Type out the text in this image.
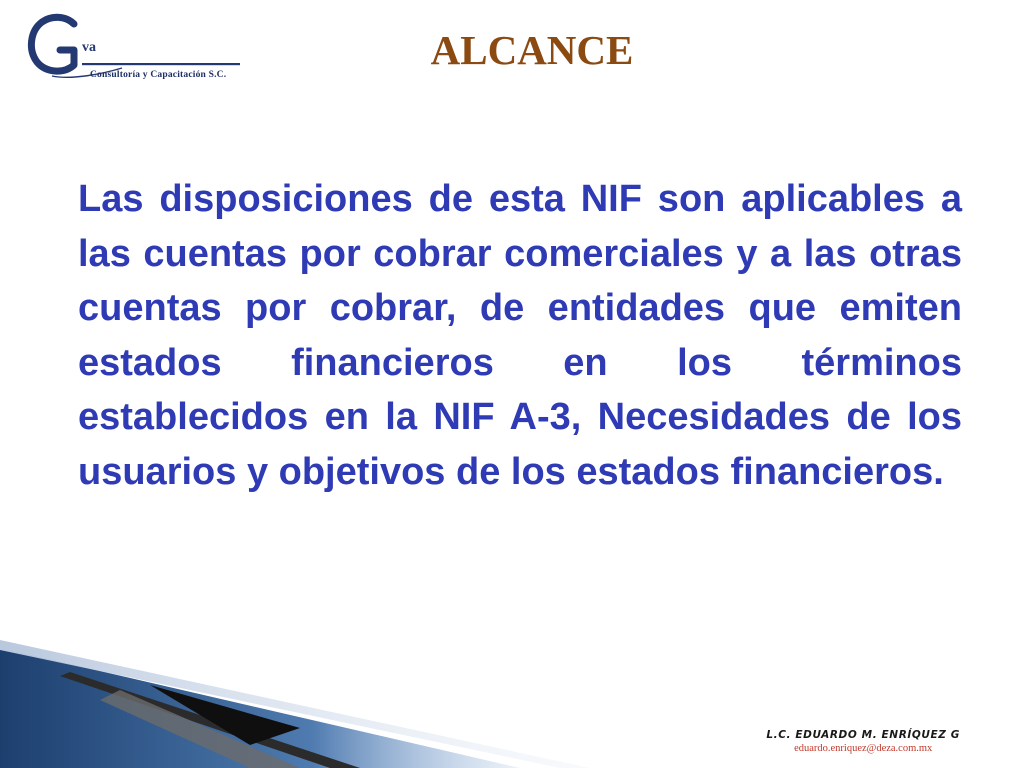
va
Consultoría y Capacitación S.C.
ALCANCE

Las disposiciones de esta NIF son aplicables a las cuentas por cobrar comerciales y a las otras cuentas por cobrar, de entidades que emiten estados financieros en los términos establecidos en la NIF A-3, Necesidades de los usuarios y objetivos de los estados financieros.

L.C. EDUARDO M. ENRÍQUEZ G
eduardo.enriquez@deza.com.mx
